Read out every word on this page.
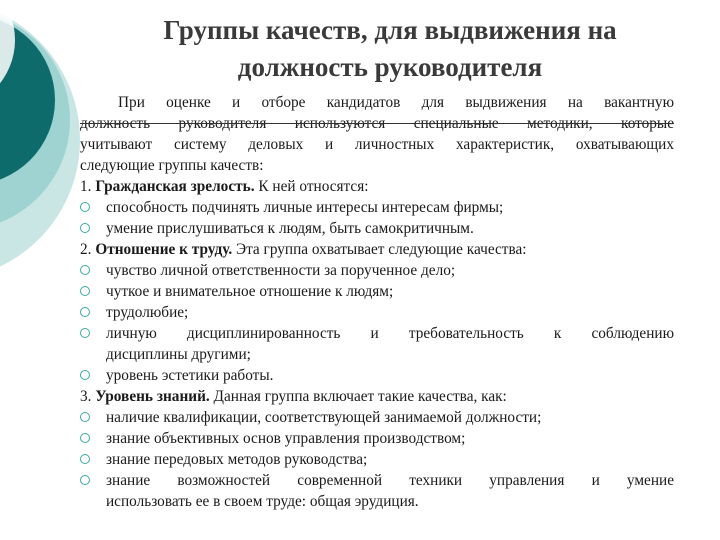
Группы качеств, для выдвижения на
должность руководителя
При оценке и отборе кандидатов для выдвижения на вакантную
должность руководителя используются специальные методики, которые
учитывают систему деловых и личностных характеристик, охватывающих
следующие группы качеств:
1. Гражданская зрелость. К ней относятся:
способность подчинять личные интересы интересам фирмы;
умение прислушиваться к людям, быть самокритичным.
2. Отношение к труду. Эта группа охватывает следующие качества:
чувство личной ответственности за порученное дело;
чуткое и внимательное отношение к людям;
трудолюбие;
личную дисциплинированность и требовательность к соблюдению
дисциплины другими;
уровень эстетики работы.
3. Уровень знаний. Данная группа включает такие качества, как:
наличие квалификации, соответствующей занимаемой должности;
знание объективных основ управления производством;
знание передовых методов руководства;
знание возможностей современной техники управления и умение
использовать ее в своем труде: общая эрудиция.
